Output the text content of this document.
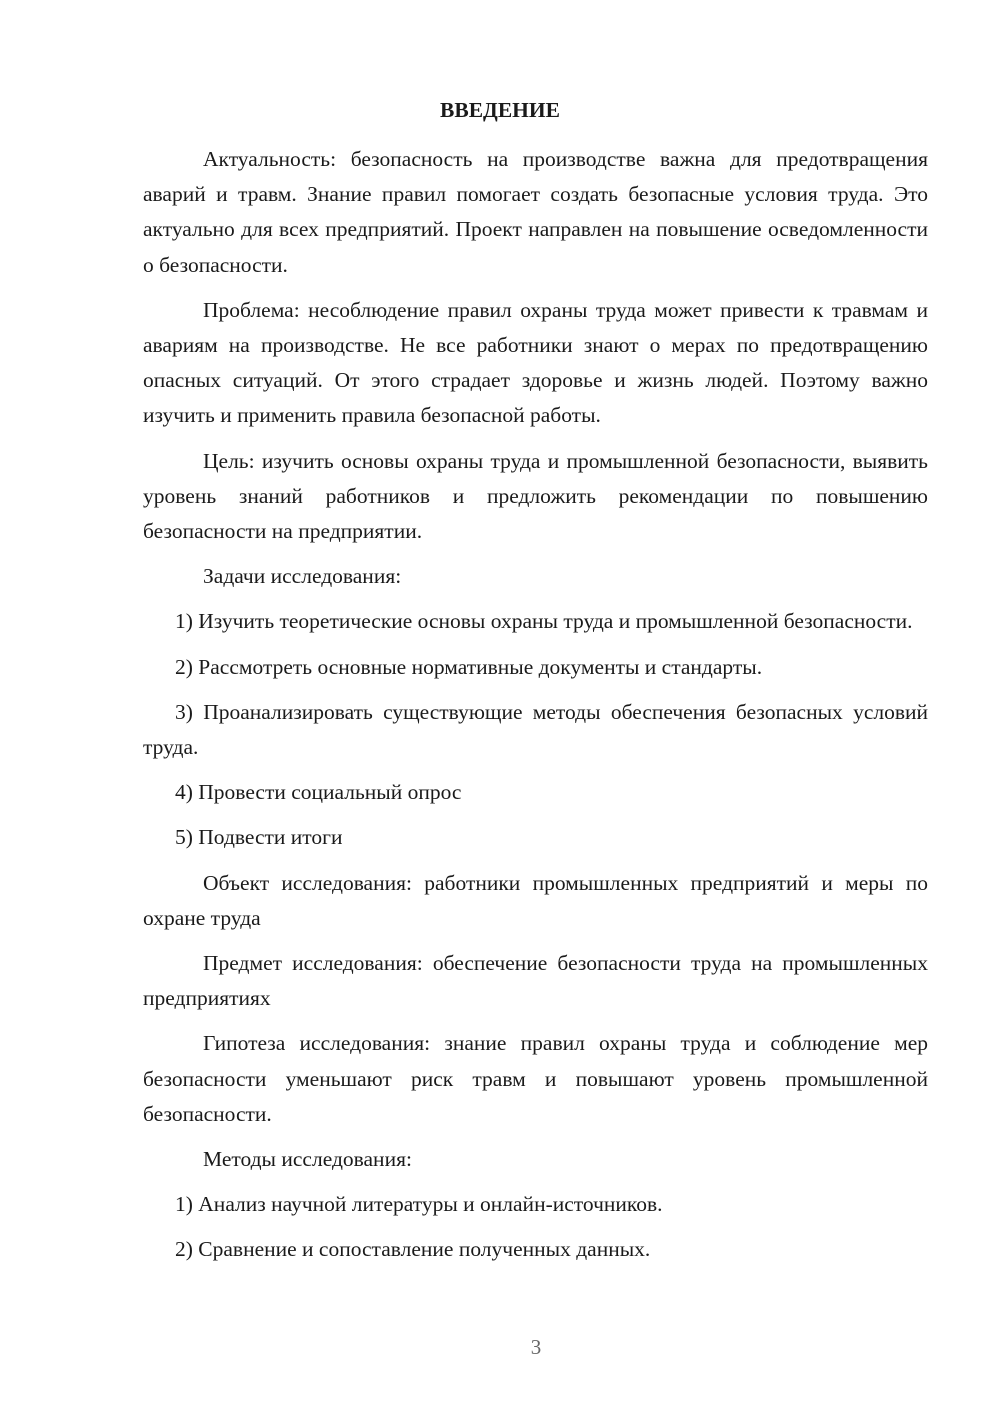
ВВЕДЕНИЕ

Актуальность: безопасность на производстве важна для предотвращения аварий и травм. Знание правил помогает создать безопасные условия труда. Это актуально для всех предприятий. Проект направлен на повышение осведомленности о безопасности.

Проблема: несоблюдение правил охраны труда может привести к травмам и авариям на производстве. Не все работники знают о мерах по предотвращению опасных ситуаций. От этого страдает здоровье и жизнь людей. Поэтому важно изучить и применить правила безопасной работы.

Цель: изучить основы охраны труда и промышленной безопасности, выявить уровень знаний работников и предложить рекомендации по повышению безопасности на предприятии.

Задачи исследования:

1) Изучить теоретические основы охраны труда и промышленной безопасности.

2) Рассмотреть основные нормативные документы и стандарты.

3) Проанализировать существующие методы обеспечения безопасных условий труда.

4) Провести социальный опрос

5) Подвести итоги

Объект исследования: работники промышленных предприятий и меры по охране труда

Предмет исследования: обеспечение безопасности труда на промышленных предприятиях

Гипотеза исследования: знание правил охраны труда и соблюдение мер безопасности уменьшают риск травм и повышают уровень промышленной безопасности.

Методы исследования:

1) Анализ научной литературы и онлайн-источников.

2) Сравнение и сопоставление полученных данных.

3
